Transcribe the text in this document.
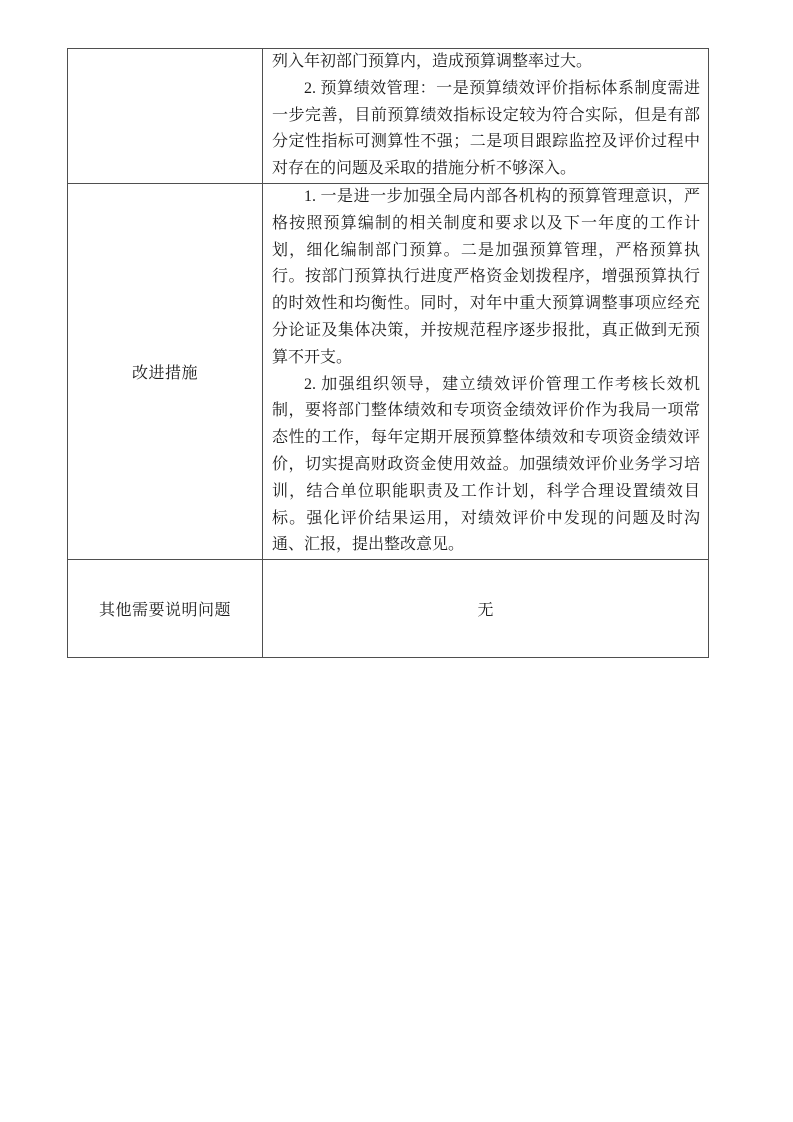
	列入年初部门预算内，造成预算调整率过大。

2. 预算绩效管理：一是预算绩效评价指标体系制度需进一步完善，目前预算绩效指标设定较为符合实际，但是有部分定性指标可测算性不强；二是项目跟踪监控及评价过程中对存在的问题及采取的措施分析不够深入。

改进措施	1. 一是进一步加强全局内部各机构的预算管理意识，严格按照预算编制的相关制度和要求以及下一年度的工作计划，细化编制部门预算。二是加强预算管理，严格预算执行。按部门预算执行进度严格资金划拨程序，增强预算执行的时效性和均衡性。同时，对年中重大预算调整事项应经充分论证及集体决策，并按规范程序逐步报批，真正做到无预算不开支。

2. 加强组织领导，建立绩效评价管理工作考核长效机制，要将部门整体绩效和专项资金绩效评价作为我局一项常态性的工作，每年定期开展预算整体绩效和专项资金绩效评价，切实提高财政资金使用效益。加强绩效评价业务学习培训，结合单位职能职责及工作计划，科学合理设置绩效目标。强化评价结果运用，对绩效评价中发现的问题及时沟通、汇报，提出整改意见。

其他需要说明问题	无
